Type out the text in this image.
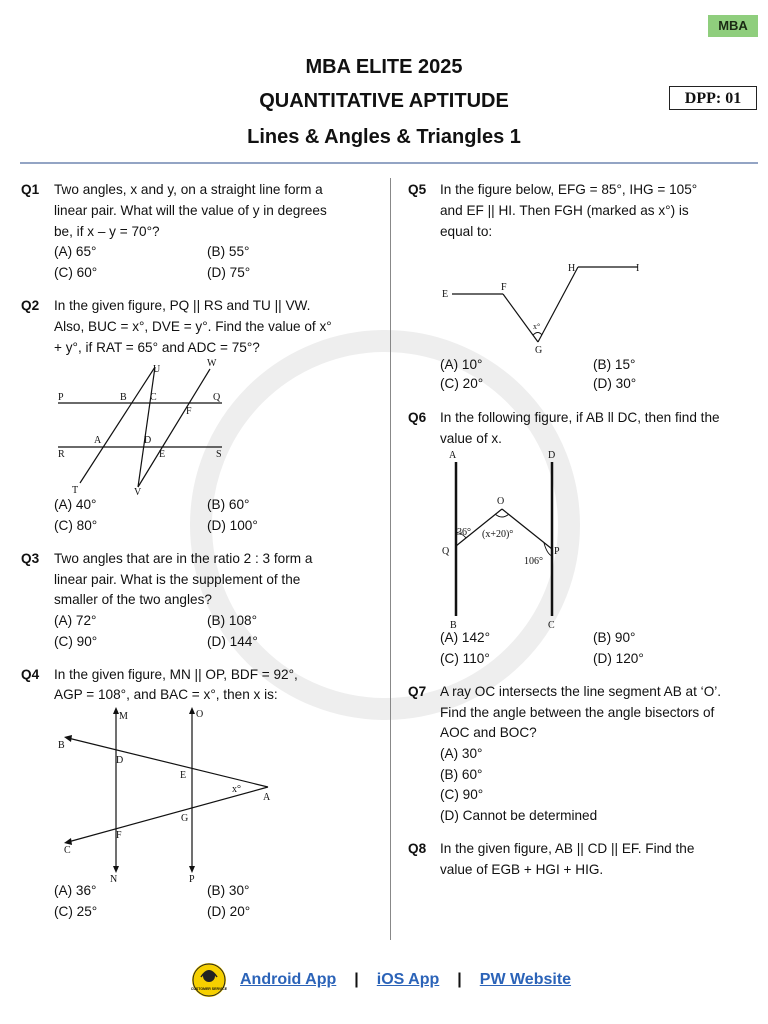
MBA
MBA ELITE 2025
QUANTITATIVE APTITUDE
Lines & Angles & Triangles 1
DPP: 01
Q1 Two angles, x and y, on a straight line form a
linear pair. What will the value of y in degrees
be, if x – y = 70°?
(A) 65°	(B) 55°
(C) 60°	(D) 75°
Q2 In the given figure, PQ || RS and TU || VW.
Also, BUC = x°, DVE = y°. Find the value of x°
+ y°, if RAT = 65° and ADC = 75°?
P	B C	Q
U
W
F
A	D
R	E	S
T	V
(A) 40°	(B) 60°
(C) 80°	(D) 100°
Q3 Two angles that are in the ratio 2 : 3 form a
linear pair. What is the supplement of the
smaller of the two angles?
(A) 72°	(B) 108°
(C) 90°	(D) 144°
Q4 In the given figure, MN || OP, BDF = 92°,
AGP = 108°, and BAC = x°, then x is:
M	O
B
D
E
x°
A
G
F
C
N	P
(A) 36°	(B) 30°
(C) 25°	(D) 20°
Q5 In the figure below, EFG = 85°, IHG = 105°
and EF || HI. Then FGH (marked as x°) is
equal to:
E
F
H	I
x°
G
(A) 10°	(B) 15°
(C) 20°	(D) 30°
Q6 In the following figure, if AB ll DC, then find the
value of x.
A	D
O
36° (x+20)°
Q	P
106°
B	C
(A) 142°	(B) 90°
(C) 110°	(D) 120°
Q7 A ray OC intersects the line segment AB at ‘O’.
Find the angle between the angle bisectors of
AOC and BOC?
(A) 30°
(B) 60°
(C) 90°
(D) Cannot be determined
Q8 In the given figure, AB || CD || EF. Find the
value of EGB + HGI + HIG.
CUSTOMER SERVICE
Android App | iOS App | PW Website
